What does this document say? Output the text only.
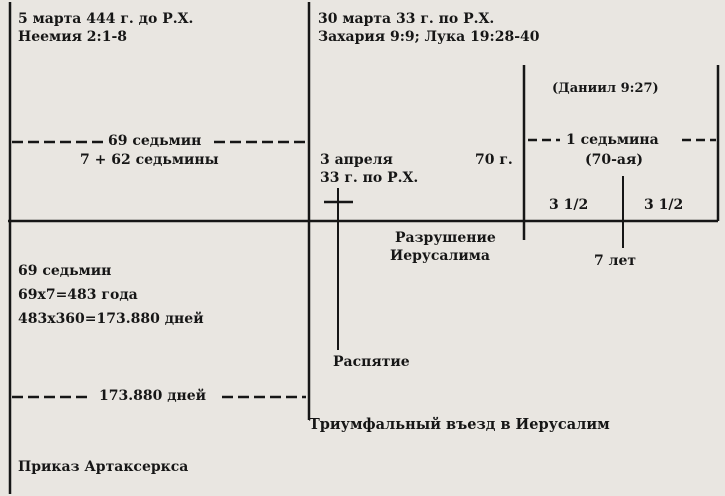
5 марта 444 г. до Р.Х.
Неемия 2:1-8
30 марта 33 г. по Р.Х.
Захария 9:9; Лука 19:28-40
69 седьмин
7 + 62 седьмины	3 апреля
33 г. по Р.Х.
70 г.
(Даниил 9:27)
1 седьмина
(70-ая)
3 1/2	3 1/2
7 лет
Разрушение
Иерусалима
69 седьмин
69х7=483 года
483х360=173.880 дней
Распятие
173.880 дней
Триумфальный въезд в Иерусалим
Приказ Артаксеркса
